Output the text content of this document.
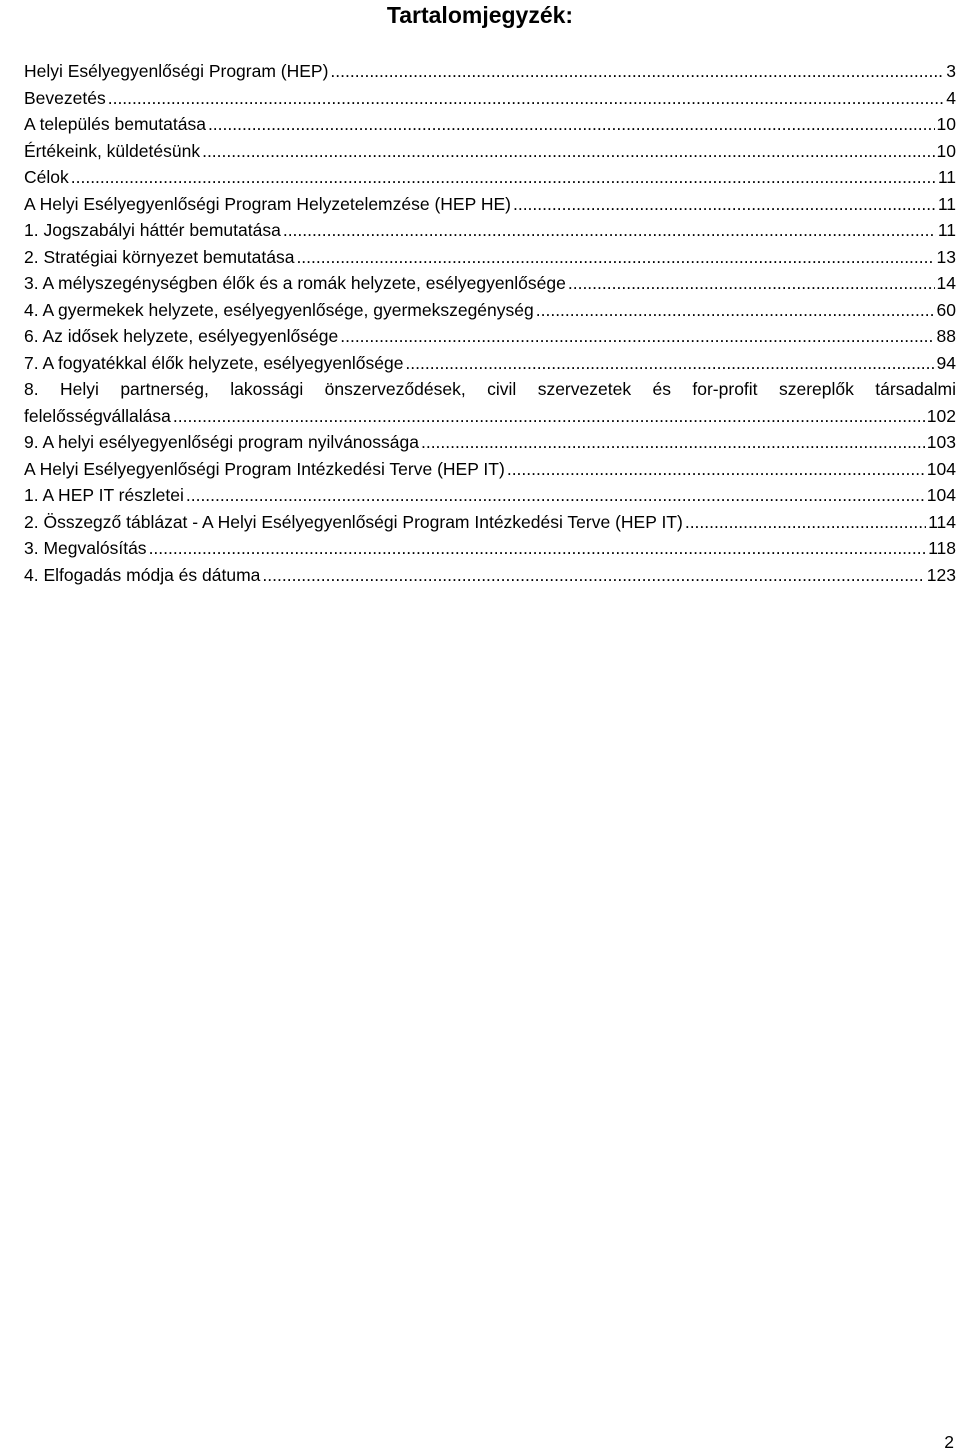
Tartalomjegyzék:
Helyi Esélyegyenlőségi Program (HEP) .....	3
Bevezetés .....	4
A település bemutatása .....	10
Értékeink, küldetésünk .....	10
Célok .....	11
A Helyi Esélyegyenlőségi Program Helyzetelemzése (HEP HE) .....	11
1. Jogszabályi háttér bemutatása .....	11
2. Stratégiai környezet bemutatása .....	13
3. A mélyszegénységben élők és a romák helyzete, esélyegyenlősége .....	14
4. A gyermekek helyzete, esélyegyenlősége, gyermekszegénység .....	60
6. Az idősek helyzete, esélyegyenlősége .....	88
7. A fogyatékkal élők helyzete, esélyegyenlősége .....	94
8. Helyi partnerség, lakossági önszerveződések, civil szervezetek és for-profit szereplők társadalmi
felelősségvállalása .....	102
9. A helyi esélyegyenlőségi program nyilvánossága .....	103
A Helyi Esélyegyenlőségi Program Intézkedési Terve (HEP IT) .....	104
1. A HEP IT részletei .....	104
2. Összegző táblázat - A Helyi Esélyegyenlőségi Program Intézkedési Terve (HEP IT) .....	114
3. Megvalósítás .....	118
4. Elfogadás módja és dátuma .....	123
2
